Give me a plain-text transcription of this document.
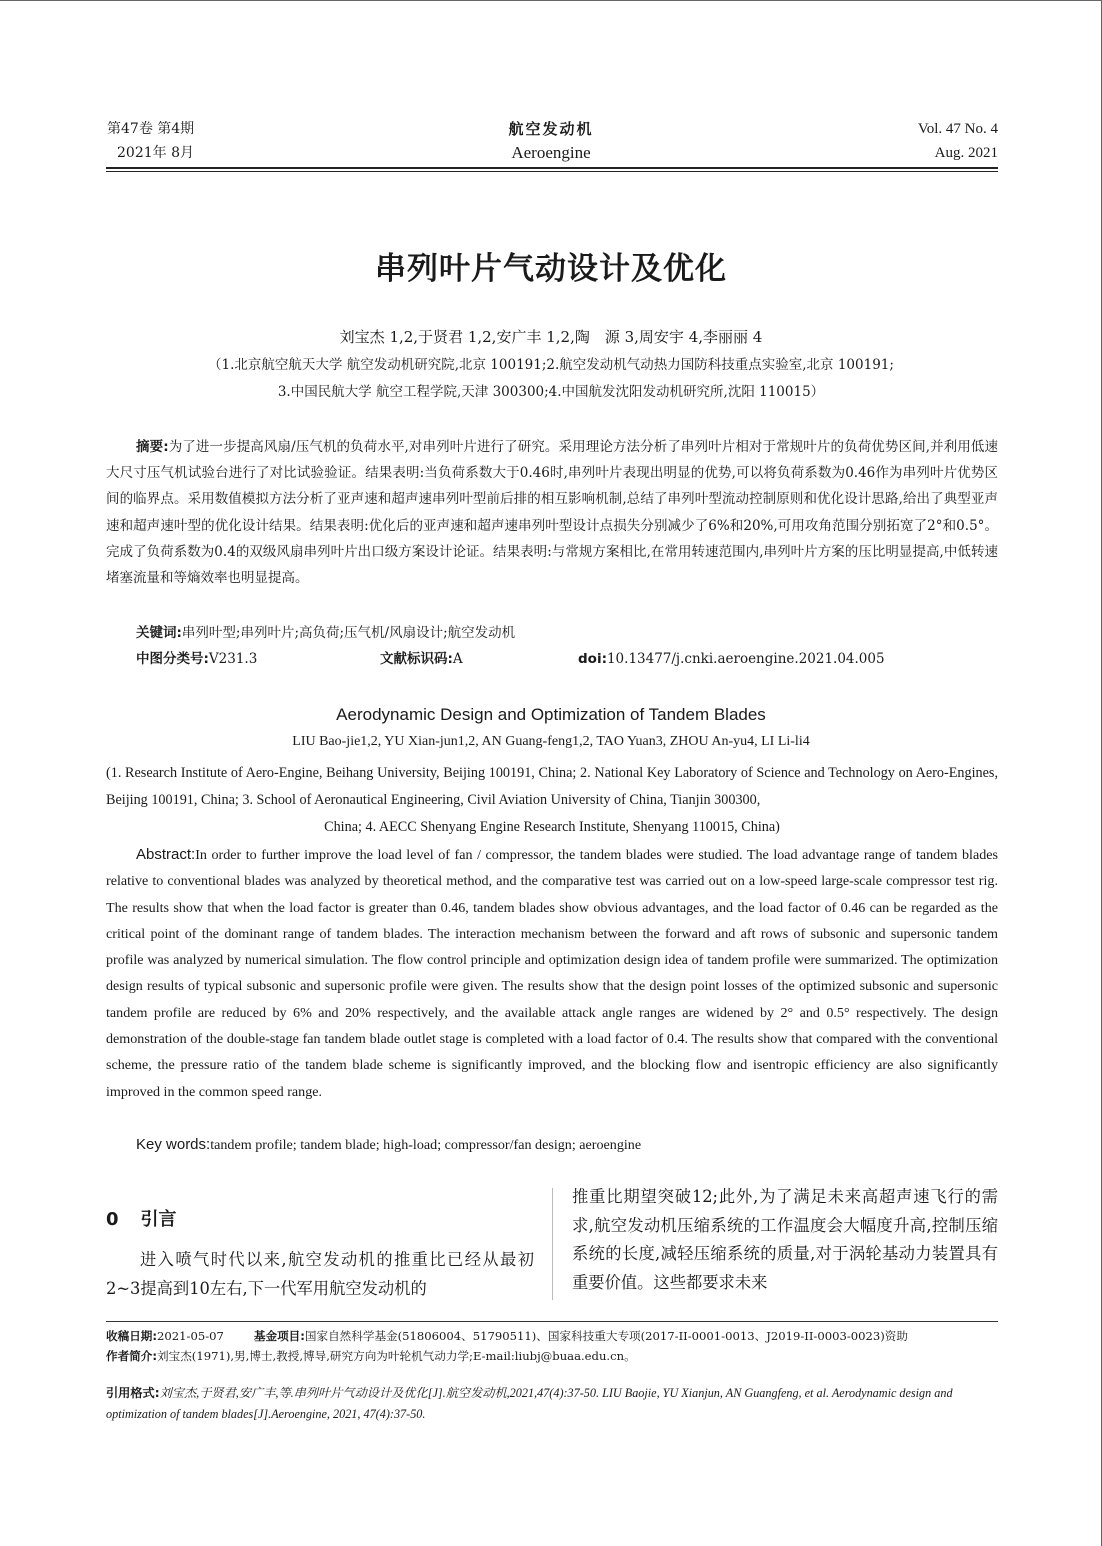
第47卷 第4期
2021年 8月
航空发动机
Aeroengine
Vol. 47 No. 4
Aug. 2021
串列叶片气动设计及优化
刘宝杰 1,2,于贤君 1,2,安广丰 1,2,陶　源 3,周安宇 4,李丽丽 4
（1.北京航空航天大学 航空发动机研究院,北京 100191;2.航空发动机气动热力国防科技重点实验室,北京 100191;
3.中国民航大学 航空工程学院,天津 300300;4.中国航发沈阳发动机研究所,沈阳 110015）
摘要:为了进一步提高风扇/压气机的负荷水平,对串列叶片进行了研究。采用理论方法分析了串列叶片相对于常规叶片的负荷优势区间,并利用低速大尺寸压气机试验台进行了对比试验验证。结果表明:当负荷系数大于0.46时,串列叶片表现出明显的优势,可以将负荷系数为0.46作为串列叶片优势区间的临界点。采用数值模拟方法分析了亚声速和超声速串列叶型前后排的相互影响机制,总结了串列叶型流动控制原则和优化设计思路,给出了典型亚声速和超声速叶型的优化设计结果。结果表明:优化后的亚声速和超声速串列叶型设计点损失分别减少了6%和20%,可用攻角范围分别拓宽了2°和0.5°。完成了负荷系数为0.4的双级风扇串列叶片出口级方案设计论证。结果表明:与常规方案相比,在常用转速范围内,串列叶片方案的压比明显提高,中低转速堵塞流量和等熵效率也明显提高。
关键词:串列叶型;串列叶片;高负荷;压气机/风扇设计;航空发动机
中图分类号:V231.3	文献标识码:A	doi:10.13477/j.cnki.aeroengine.2021.04.005
Aerodynamic Design and Optimization of Tandem Blades
LIU Bao-jie1,2, YU Xian-jun1,2, AN Guang-feng1,2, TAO Yuan3, ZHOU An-yu4, LI Li-li4
(1. Research Institute of Aero-Engine, Beihang University, Beijing 100191, China; 2. National Key Laboratory of Science and Technology on Aero-Engines, Beijing 100191, China; 3. School of Aeronautical Engineering, Civil Aviation University of China, Tianjin 300300,
China; 4. AECC Shenyang Engine Research Institute, Shenyang 110015, China)
Abstract:In order to further improve the load level of fan / compressor, the tandem blades were studied. The load advantage range of tandem blades relative to conventional blades was analyzed by theoretical method, and the comparative test was carried out on a low-speed large-scale compressor test rig. The results show that when the load factor is greater than 0.46, tandem blades show obvious advantages, and the load factor of 0.46 can be regarded as the critical point of the dominant range of tandem blades. The interaction mechanism between the forward and aft rows of subsonic and supersonic tandem profile was analyzed by numerical simulation. The flow control principle and optimization design idea of tandem profile were summarized. The optimization design results of typical subsonic and supersonic profile were given. The results show that the design point losses of the optimized subsonic and supersonic tandem profile are reduced by 6% and 20% respectively, and the available attack angle ranges are widened by 2° and 0.5° respectively. The design demonstration of the double-stage fan tandem blade outlet stage is completed with a load factor of 0.4. The results show that compared with the conventional scheme, the pressure ratio of the tandem blade scheme is significantly improved, and the blocking flow and isentropic efficiency are also significantly improved in the common speed range.
Key words:tandem profile; tandem blade; high-load; compressor/fan design; aeroengine
0 引言
进入喷气时代以来,航空发动机的推重比已经从最初2~3提高到10左右,下一代军用航空发动机的
推重比期望突破12;此外,为了满足未来高超声速飞行的需求,航空发动机压缩系统的工作温度会大幅度升高,控制压缩系统的长度,减轻压缩系统的质量,对于涡轮基动力装置具有重要价值。这些都要求未来
收稿日期:2021-05-07	基金项目:国家自然科学基金(51806004、51790511)、国家科技重大专项(2017-II-0001-0013、J2019-II-0003-0023)资助
作者简介:刘宝杰(1971),男,博士,教授,博导,研究方向为叶轮机气动力学;E-mail:liubj@buaa.edu.cn。
引用格式:刘宝杰,于贤君,安广丰,等.串列叶片气动设计及优化[J].航空发动机,2021,47(4):37-50. LIU Baojie, YU Xianjun, AN Guangfeng, et al. Aerodynamic design and optimization of tandem blades[J].Aeroengine, 2021, 47(4):37-50.
